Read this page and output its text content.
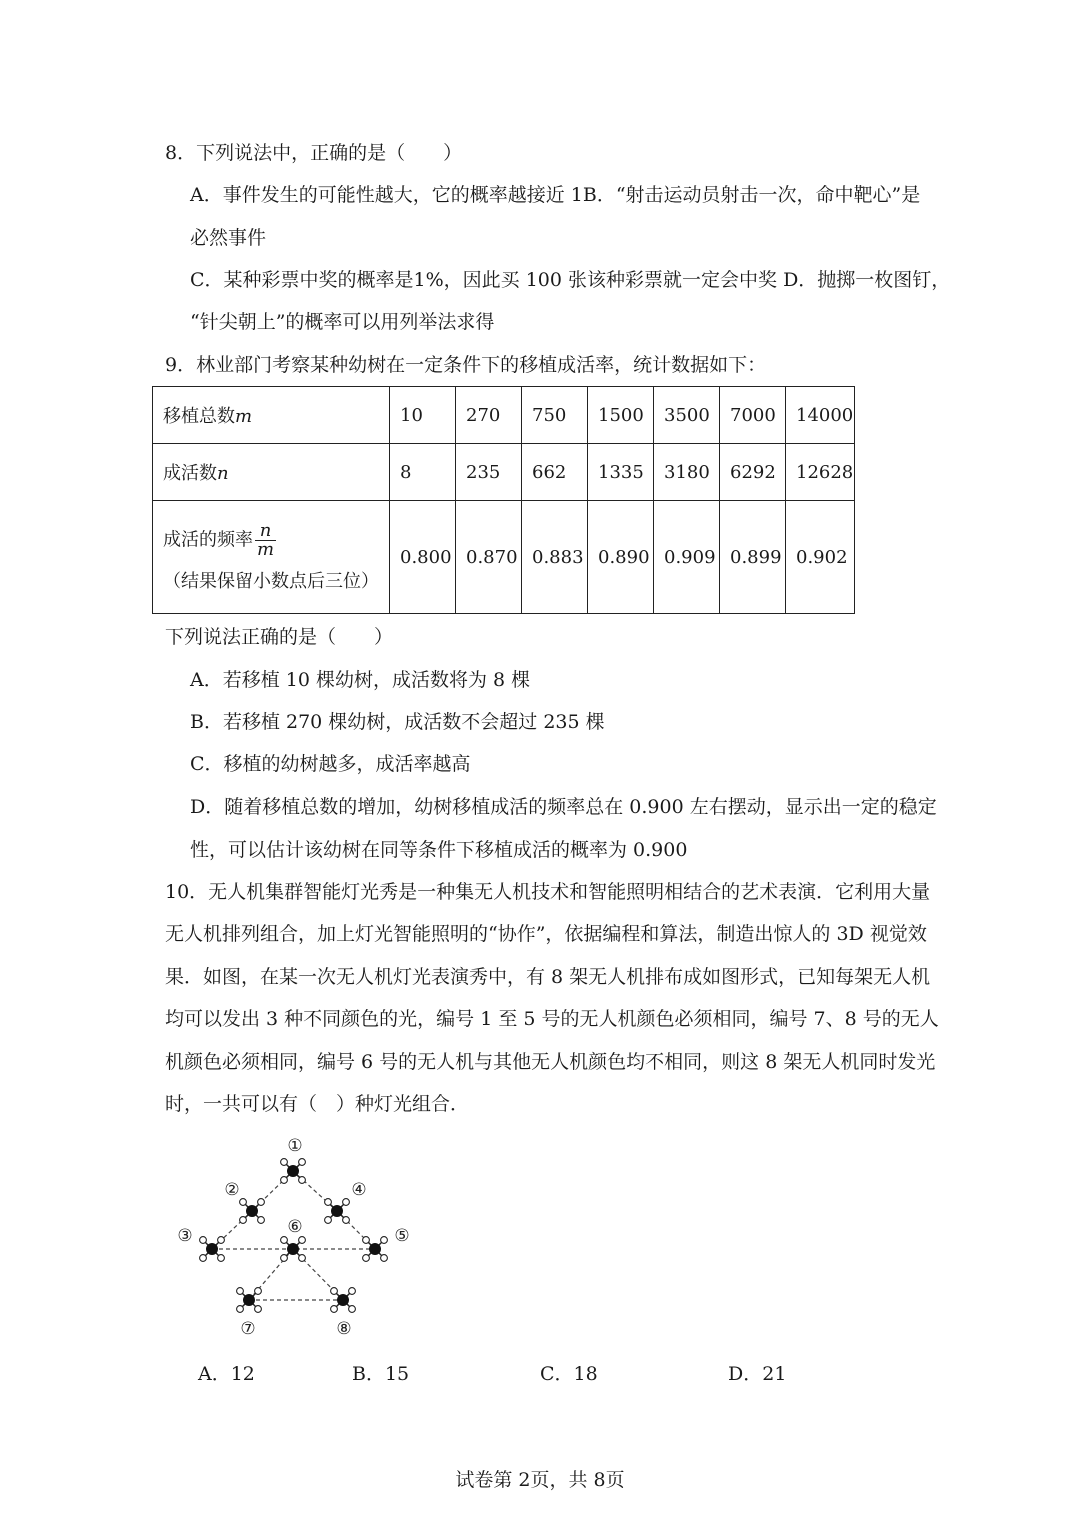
8．下列说法中，正确的是（　　）
A．事件发生的可能性越大，它的概率越接近 1B．“射击运动员射击一次，命中靶心”是
必然事件
C．某种彩票中奖的概率是1%，因此买 100 张该种彩票就一定会中奖 D．抛掷一枚图钉，
“针尖朝上”的概率可以用列举法求得
9．林业部门考察某种幼树在一定条件下的移植成活率，统计数据如下：
移植总数m	10	270	750	1500	3500	7000	14000
成活数n	8	235	662	1335	3180	6292	12628

成活的频率 $\frac{n}{m}$
（结果保留小数点后三位）	0.800	0.870	0.883	0.890	0.909	0.899	0.902
下列说法正确的是（　　）
A．若移植 10 棵幼树，成活数将为 8 棵
B．若移植 270 棵幼树，成活数不会超过 235 棵
C．移植的幼树越多，成活率越高
D．随着移植总数的增加，幼树移植成活的频率总在 0.900 左右摆动，显示出一定的稳定
性，可以估计该幼树在同等条件下移植成活的概率为 0.900
10．无人机集群智能灯光秀是一种集无人机技术和智能照明相结合的艺术表演．它利用大量
无人机排列组合，加上灯光智能照明的“协作”，依据编程和算法，制造出惊人的 3D 视觉效
果．如图，在某一次无人机灯光表演秀中，有 8 架无人机排布成如图形式，已知每架无人机
均可以发出 3 种不同颜色的光，编号 1 至 5 号的无人机颜色必须相同，编号 7、8 号的无人
机颜色必须相同，编号 6 号的无人机与其他无人机颜色均不相同，则这 8 架无人机同时发光
时，一共可以有（　）种灯光组合．
①
②
③
④
⑤
⑥
⑦	⑧
A．12	B．15	C．18	D．21
试卷第 2页，共 8页
